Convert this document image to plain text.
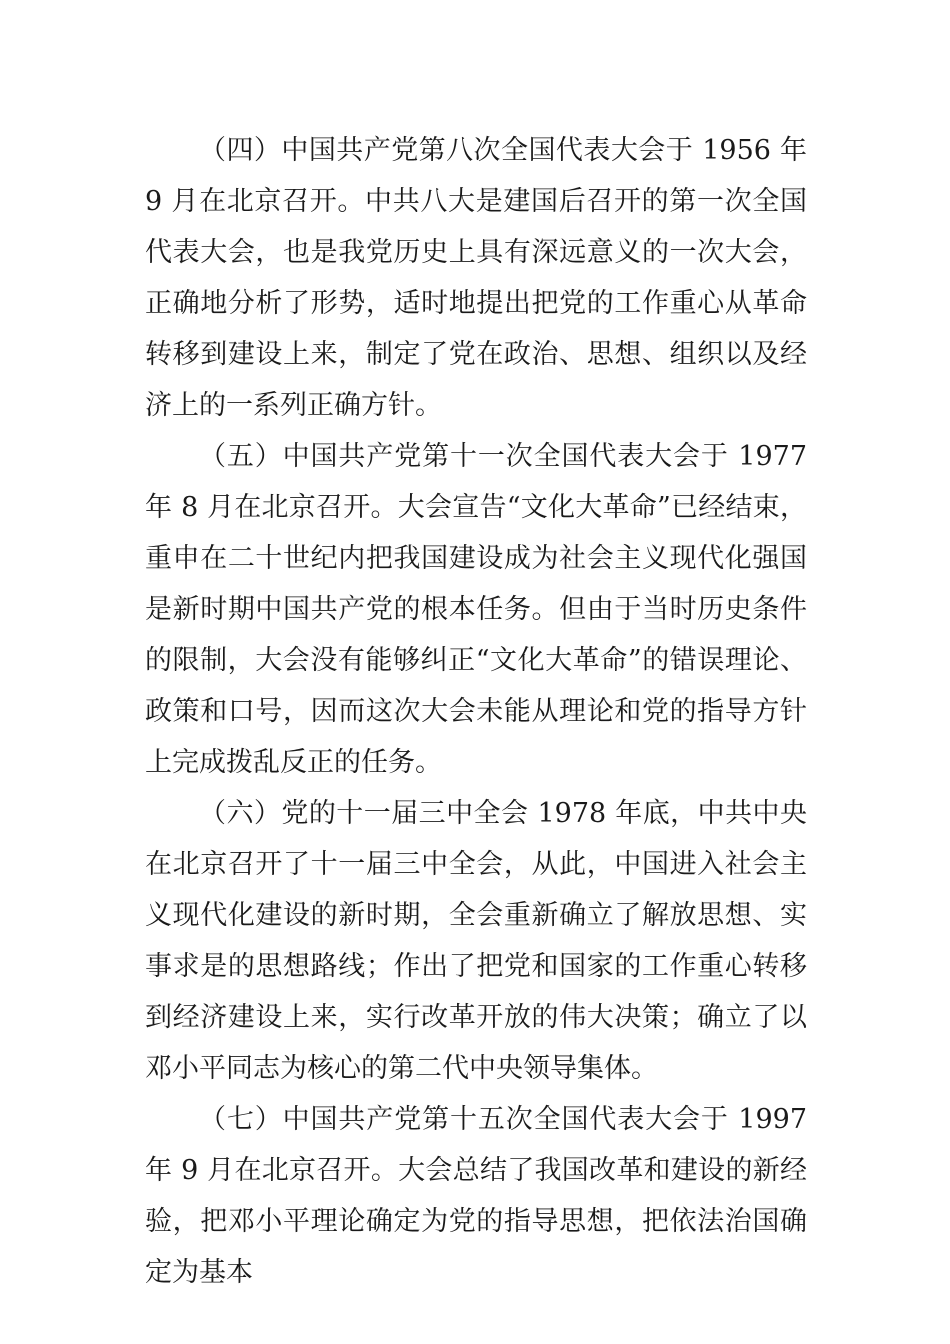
（四）中国共产党第八次全国代表大会于 1956 年 9 月在北京召开。中共八大是建国后召开的第一次全国代表大会，也是我党历史上具有深远意义的一次大会，正确地分析了形势，适时地提出把党的工作重心从革命转移到建设上来，制定了党在政治、思想、组织以及经济上的一系列正确方针。

（五）中国共产党第十一次全国代表大会于 1977 年 8 月在北京召开。大会宣告“文化大革命”已经结束，重申在二十世纪内把我国建设成为社会主义现代化强国是新时期中国共产党的根本任务。但由于当时历史条件的限制，大会没有能够纠正“文化大革命”的错误理论、政策和口号，因而这次大会未能从理论和党的指导方针上完成拨乱反正的任务。

（六）党的十一届三中全会 1978 年底，中共中央在北京召开了十一届三中全会，从此，中国进入社会主义现代化建设的新时期，全会重新确立了解放思想、实事求是的思想路线；作出了把党和国家的工作重心转移到经济建设上来，实行改革开放的伟大决策；确立了以邓小平同志为核心的第二代中央领导集体。

（七）中国共产党第十五次全国代表大会于 1997 年 9 月在北京召开。大会总结了我国改革和建设的新经验，把邓小平理论确定为党的指导思想，把依法治国确定为基本
